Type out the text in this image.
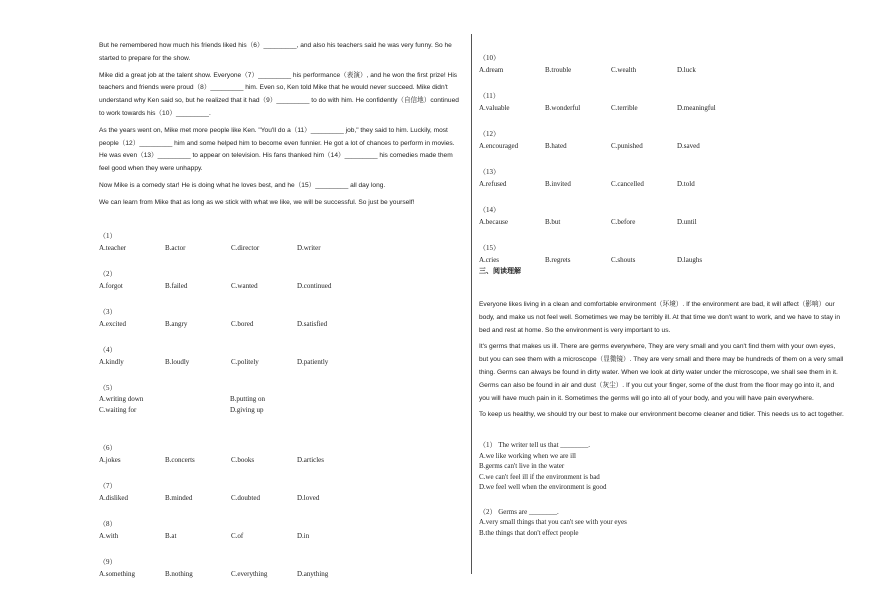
But he remembered how much his friends liked his（6）_________, and also his teachers said he was very funny. So he started to prepare for the show.

Mike did a great job at the talent show. Everyone（7）_________ his performance（表演）, and he won the first prize! His teachers and friends were proud（8）_________ him. Even so, Ken told Mike that he would never succeed. Mike didn't understand why Ken said so, but he realized that it had（9）_________ to do with him. He confidently（自信地）continued to work towards his（10）_________.

As the years went on, Mike met more people like Ken. "You'll do a（11）_________ job," they said to him. Luckily, most people（12）_________ him and some helped him to become even funnier. He got a lot of chances to perform in movies. He was even（13）_________ to appear on television. His fans thanked him（14）_________ his comedies made them feel good when they were unhappy.

Now Mike is a comedy star! He is doing what he loves best, and he（15）_________ all day long.

We can learn from Mike that as long as we stick with what we like, we will be successful. So just be yourself!

（1）
A.teacher	B.actor	C.director	D.writer
（2）
A.forgot	B.failed	C.wanted	D.continued
（3）
A.excited	B.angry	C.bored	D.satisfied
（4）
A.kindly	B.loudly	C.politely	D.patiently
（5）
A.writing down	B.putting on
C.waiting for	D.giving up
（6）
A.jokes	B.concerts	C.books	D.articles
（7）
A.disliked	B.minded	C.doubted	D.loved
（8）
A.with	B.at	C.of	D.in
（9）
A.something	B.nothing	C.everything	D.anything
（10）
A.dream	B.trouble	C.wealth	D.luck
（11）
A.valuable	B.wonderful	C.terrible	D.meaningful
（12）
A.encouraged	B.hated	C.punished	D.saved
（13）
A.refused	B.invited	C.cancelled	D.told
（14）
A.because	B.but	C.before	D.until
（15）
A.cries	B.regrets	C.shouts	D.laughs
三、阅读理解

Everyone likes living in a clean and comfortable environment（环境）. If the environment are bad, it will affect（影响）our body, and make us not feel well. Sometimes we may be terribly ill. At that time we don't want to work, and we have to stay in bed and rest at home. So the environment is very important to us.

It's germs that makes us ill. There are germs everywhere, They are very small and you can't find them with your own eyes, but you can see them with a microscope（显微镜）. They are very small and there may be hundreds of them on a very small thing. Germs can always be found in dirty water. When we look at dirty water under the microscope, we shall see them in it. Germs can also be found in air and dust（灰尘）. If you cut your finger, some of the dust from the floor may go into it, and you will have much pain in it. Sometimes the germs will go into all of your body, and you will have pain everywhere.

To keep us healthy, we should try our best to make our environment become cleaner and tidier. This needs us to act together.

（1） The writer tell us that ________.
A.we like working when we are ill
B.germs can't live in the water
C.we can't feel ill if the environment is bad
D.we feel well when the environment is good
（2） Germs are ________.
A.very small things that you can't see with your eyes
B.the things that don't effect people
